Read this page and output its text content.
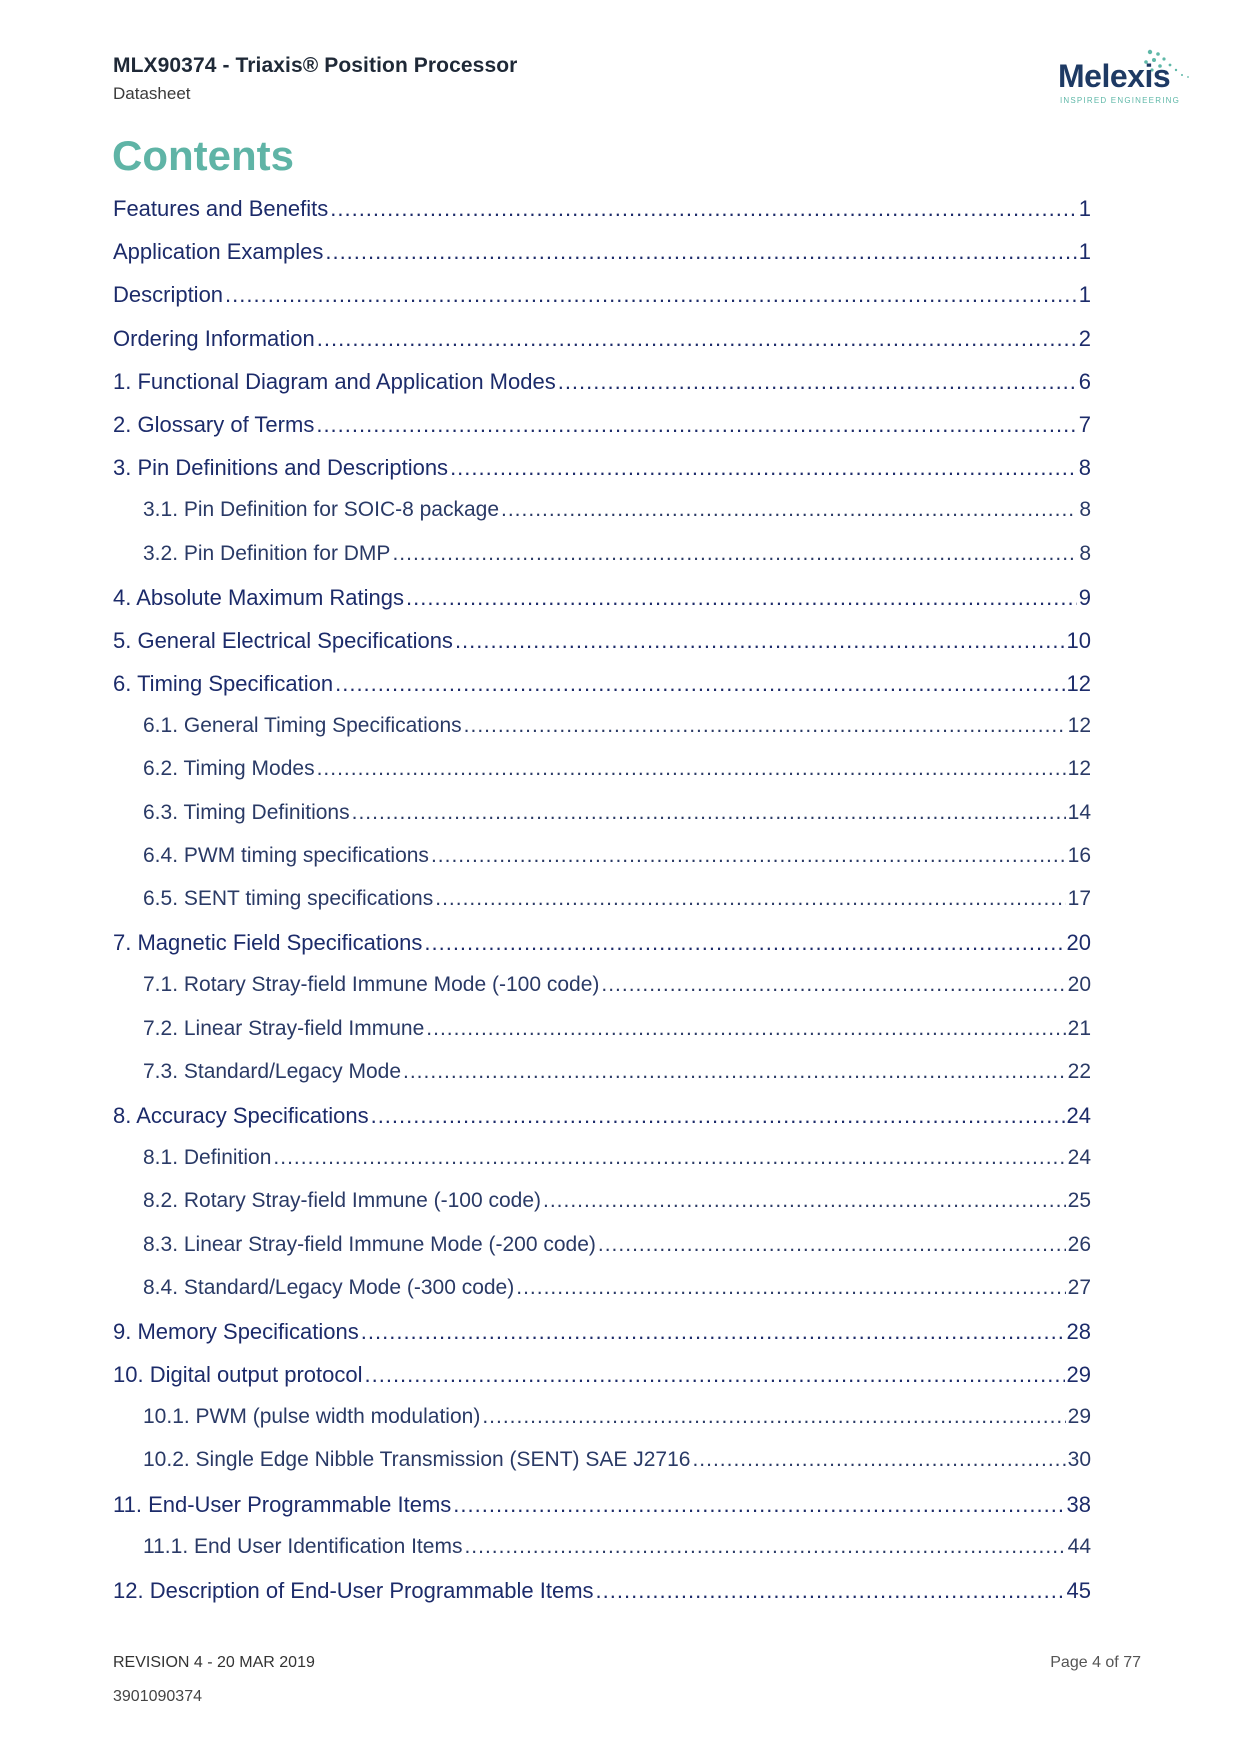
MLX90374 - Triaxis® Position Processor
Datasheet	Melexis
INSPIRED ENGINEERING
Contents
Features and Benefits .....	1
Application Examples .....	1
Description .....	1
Ordering Information .....	2
1. Functional Diagram and Application Modes .....	6
2. Glossary of Terms .....	7
3. Pin Definitions and Descriptions .....	8
3.1. Pin Definition for SOIC-8 package .....	8
3.2. Pin Definition for DMP .....	8
4. Absolute Maximum Ratings .....	9
5. General Electrical Specifications .....	10
6. Timing Specification .....	12
6.1. General Timing Specifications .....	12
6.2. Timing Modes .....	12
6.3. Timing Definitions .....	14
6.4. PWM timing specifications .....	16
6.5. SENT timing specifications .....	17
7. Magnetic Field Specifications .....	20
7.1. Rotary Stray-field Immune Mode (-100 code) .....	20
7.2. Linear Stray-field Immune .....	21
7.3. Standard/Legacy Mode .....	22
8. Accuracy Specifications .....	24
8.1. Definition .....	24
8.2. Rotary Stray-field Immune (-100 code) .....	25
8.3. Linear Stray-field Immune Mode (-200 code) .....	26
8.4. Standard/Legacy Mode (-300 code) .....	27
9. Memory Specifications .....	28
10. Digital output protocol .....	29
10.1. PWM (pulse width modulation) .....	29
10.2. Single Edge Nibble Transmission (SENT) SAE J2716 .....	30
11. End-User Programmable Items .....	38
11.1. End User Identification Items .....	44
12. Description of End-User Programmable Items .....	45
REVISION 4 - 20 MAR 2019	Page 4 of 77
3901090374
